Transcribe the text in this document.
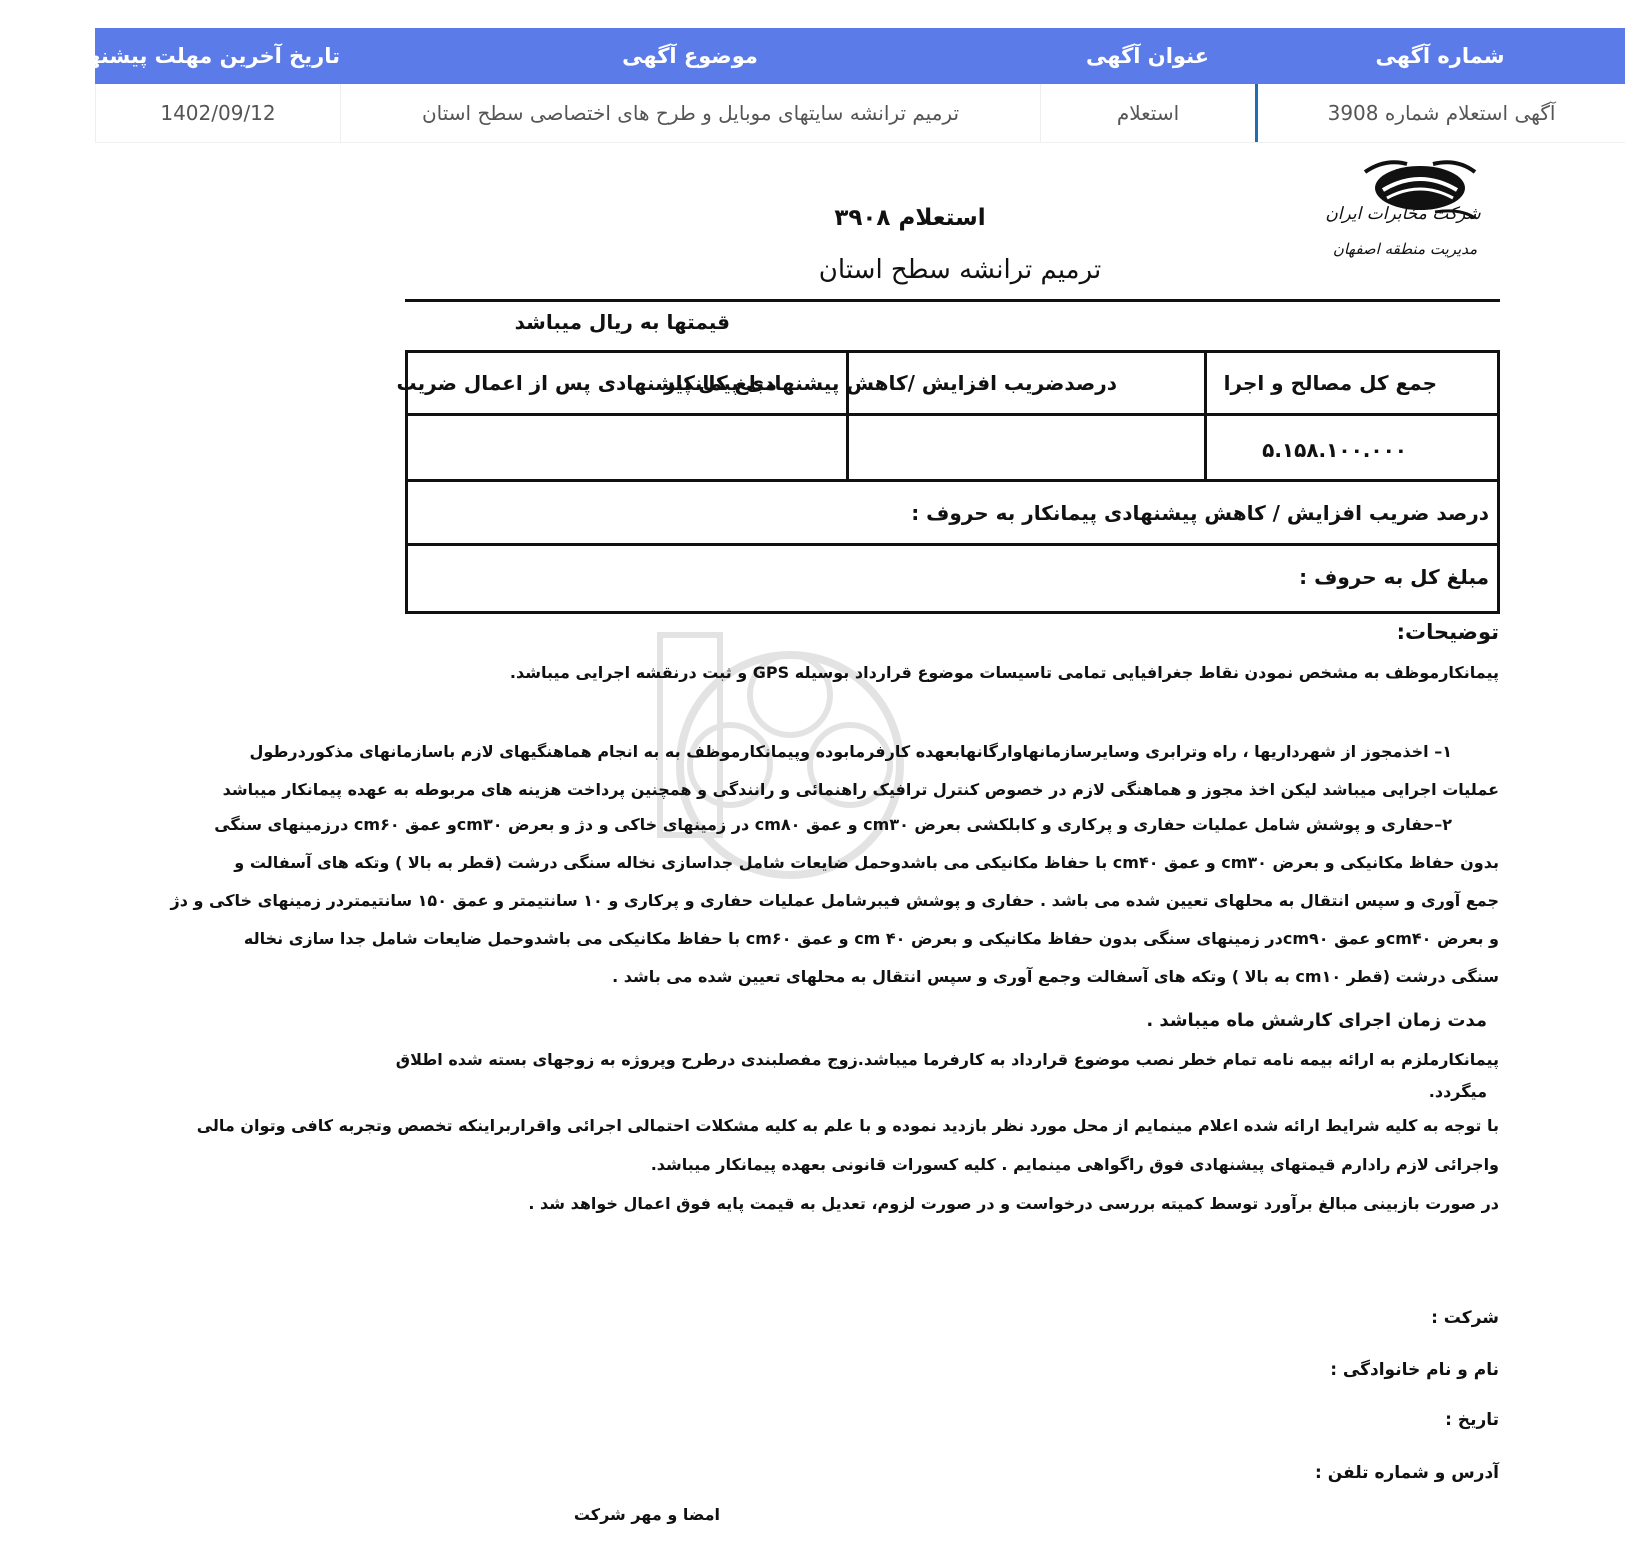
شماره آگهی
عنوان آگهی
موضوع آگهی
تاریخ آخرین مهلت پیشنهاد
آگهی استعلام شماره 3908
استعلام
ترمیم ترانشه سایتهای موبایل و طرح های اختصاصی سطح استان
1402/09/12
شرکت مخابرات ایران
مدیریت منطقه اصفهان
استعلام ۳۹۰۸
ترمیم ترانشه سطح استان
قیمتها به ریال میباشد
جمع کل مصالح و اجرا
درصدضریب افزایش /کاهش پیشنهادی پیمانکار
مبلغ کل پیشنهادی پس از اعمال ضریب
۵.۱۵۸.۱۰۰.۰۰۰
درصد ضریب افزایش / کاهش پیشنهادی پیمانکار به حروف :
مبلغ کل به حروف :
توضیحات:
پیمانکارموظف به مشخص نمودن نقاط جغرافیایی تمامی تاسیسات موضوع قرارداد بوسیله GPS و ثبت درنقشه اجرایی میباشد.
۱– اخذمجوز از شهرداریها ، راه وترابری وسایرسازمانهاوارگانهابعهده کارفرمابوده وپیمانکارموظف به به انجام هماهنگیهای لازم باسازمانهای مذکوردرطول
عملیات اجرایی میباشد لیکن اخذ مجوز و هماهنگی لازم در خصوص کنترل ترافیک راهنمائی و رانندگی و همچنین پرداخت هزینه های مربوطه به عهده پیمانکار میباشد
۲–حفاری و پوشش شامل عملیات حفاری و پرکاری و کابلکشی بعرض cm۳۰ و عمق cm۸۰ در زمینهای خاکی و دژ و بعرض cm۳۰و عمق cm۶۰ درزمینهای سنگی
بدون حفاظ مکانیکی و بعرض cm۳۰ و عمق cm۴۰ با حفاظ مکانیکی می باشدوحمل ضایعات شامل جداسازی نخاله سنگی درشت (قطر به بالا ) وتکه های آسفالت و
جمع آوری و سپس انتقال به محلهای تعیین شده می باشد . حفاری و پوشش فیبرشامل عملیات حفاری و پرکاری و ۱۰ سانتیمتر و عمق ۱۵۰ سانتیمتردر زمینهای خاکی و دژ
و بعرض cm۴۰و عمق cm۹۰در زمینهای سنگی بدون حفاظ مکانیکی و بعرض cm ۴۰ و عمق cm۶۰ با حفاظ مکانیکی می باشدوحمل ضایعات شامل جدا سازی نخاله
سنگی درشت (قطر cm۱۰ به بالا ) وتکه های آسفالت وجمع آوری و سپس انتقال به محلهای تعیین شده می باشد .
مدت زمان اجرای کارشش ماه میباشد .
پیمانکارملزم به ارائه بیمه نامه تمام خطر نصب موضوع قرارداد به کارفرما میباشد.زوج مفصلبندی درطرح وپروژه به زوجهای بسته شده اطلاق
میگردد.
با توجه به کلیه شرایط ارائه شده اعلام مینمایم از محل مورد نظر بازدید نموده و با علم به کلیه مشکلات احتمالی اجرائی واقراربراینکه تخصص وتجربه کافی وتوان مالی
واجرائی لازم رادارم قیمتهای پیشنهادی فوق راگواهی مینمایم . کلیه کسورات قانونی بعهده پیمانکار میباشد.
در صورت بازبینی مبالغ برآورد توسط کمیته بررسی درخواست و در صورت لزوم، تعدیل به قیمت پایه فوق اعمال خواهد شد .
شرکت :
نام و نام خانوادگی :
تاریخ :
آدرس و شماره تلفن :
امضا و مهر شرکت
